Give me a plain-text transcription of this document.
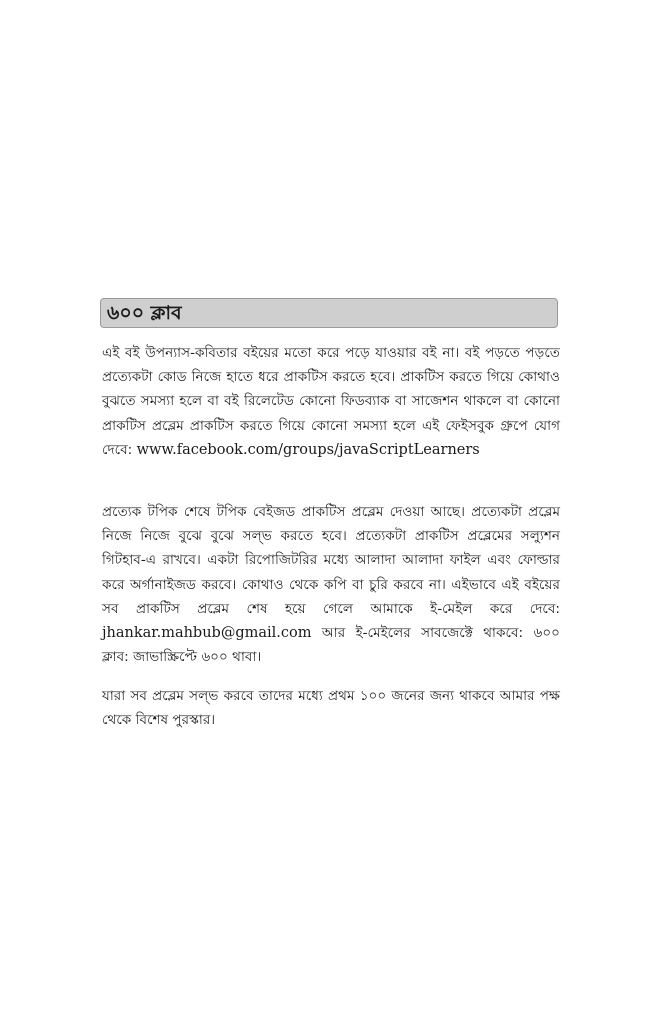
৬০০ ক্লাব

এই বই উপন্যাস-কবিতার বইয়ের মতো করে পড়ে যাওয়ার বই না। বই পড়তে পড়তে প্রত্যেকটা কোড নিজে হাতে ধরে প্রাকটিস করতে হবে। প্রাকটিস করতে গিয়ে কোথাও বুঝতে সমস্যা হলে বা বই রিলেটেড কোনো ফিডব্যাক বা সাজেশন থাকলে বা কোনো প্রাকটিস প্রব্লেম প্রাকটিস করতে গিয়ে কোনো সমস্যা হলে এই ফেইসবুক গ্রুপে যোগ দেবে: www.facebook.com/groups/javaScriptLearners

প্রত্যেক টপিক শেষে টপিক বেইজড প্রাকটিস প্রব্লেম দেওয়া আছে। প্রত্যেকটা প্রব্লেম নিজে নিজে বুঝে বুঝে সল্ভ করতে হবে। প্রত্যেকটা প্রাকটিস প্রব্লেমের সল্যুশন গিটহাব-এ রাখবে। একটা রিপোজিটরির মধ্যে আলাদা আলাদা ফাইল এবং ফোল্ডার করে অর্গানাইজড করবে। কোথাও থেকে কপি বা চুরি করবে না। এইভাবে এই বইয়ের সব প্রাকটিস প্রব্লেম শেষ হয়ে গেলে আমাকে ই-মেইল করে দেবে: jhankar.mahbub@gmail.com আর ই-মেইলের সাবজেক্টে থাকবে: ৬০০ ক্লাব: জাভাস্ক্রিপ্টে ৬০০ থাবা।

যারা সব প্রব্লেম সল্ভ করবে তাদের মধ্যে প্রথম ১০০ জনের জন্য থাকবে আমার পক্ষ থেকে বিশেষ পুরস্কার।
